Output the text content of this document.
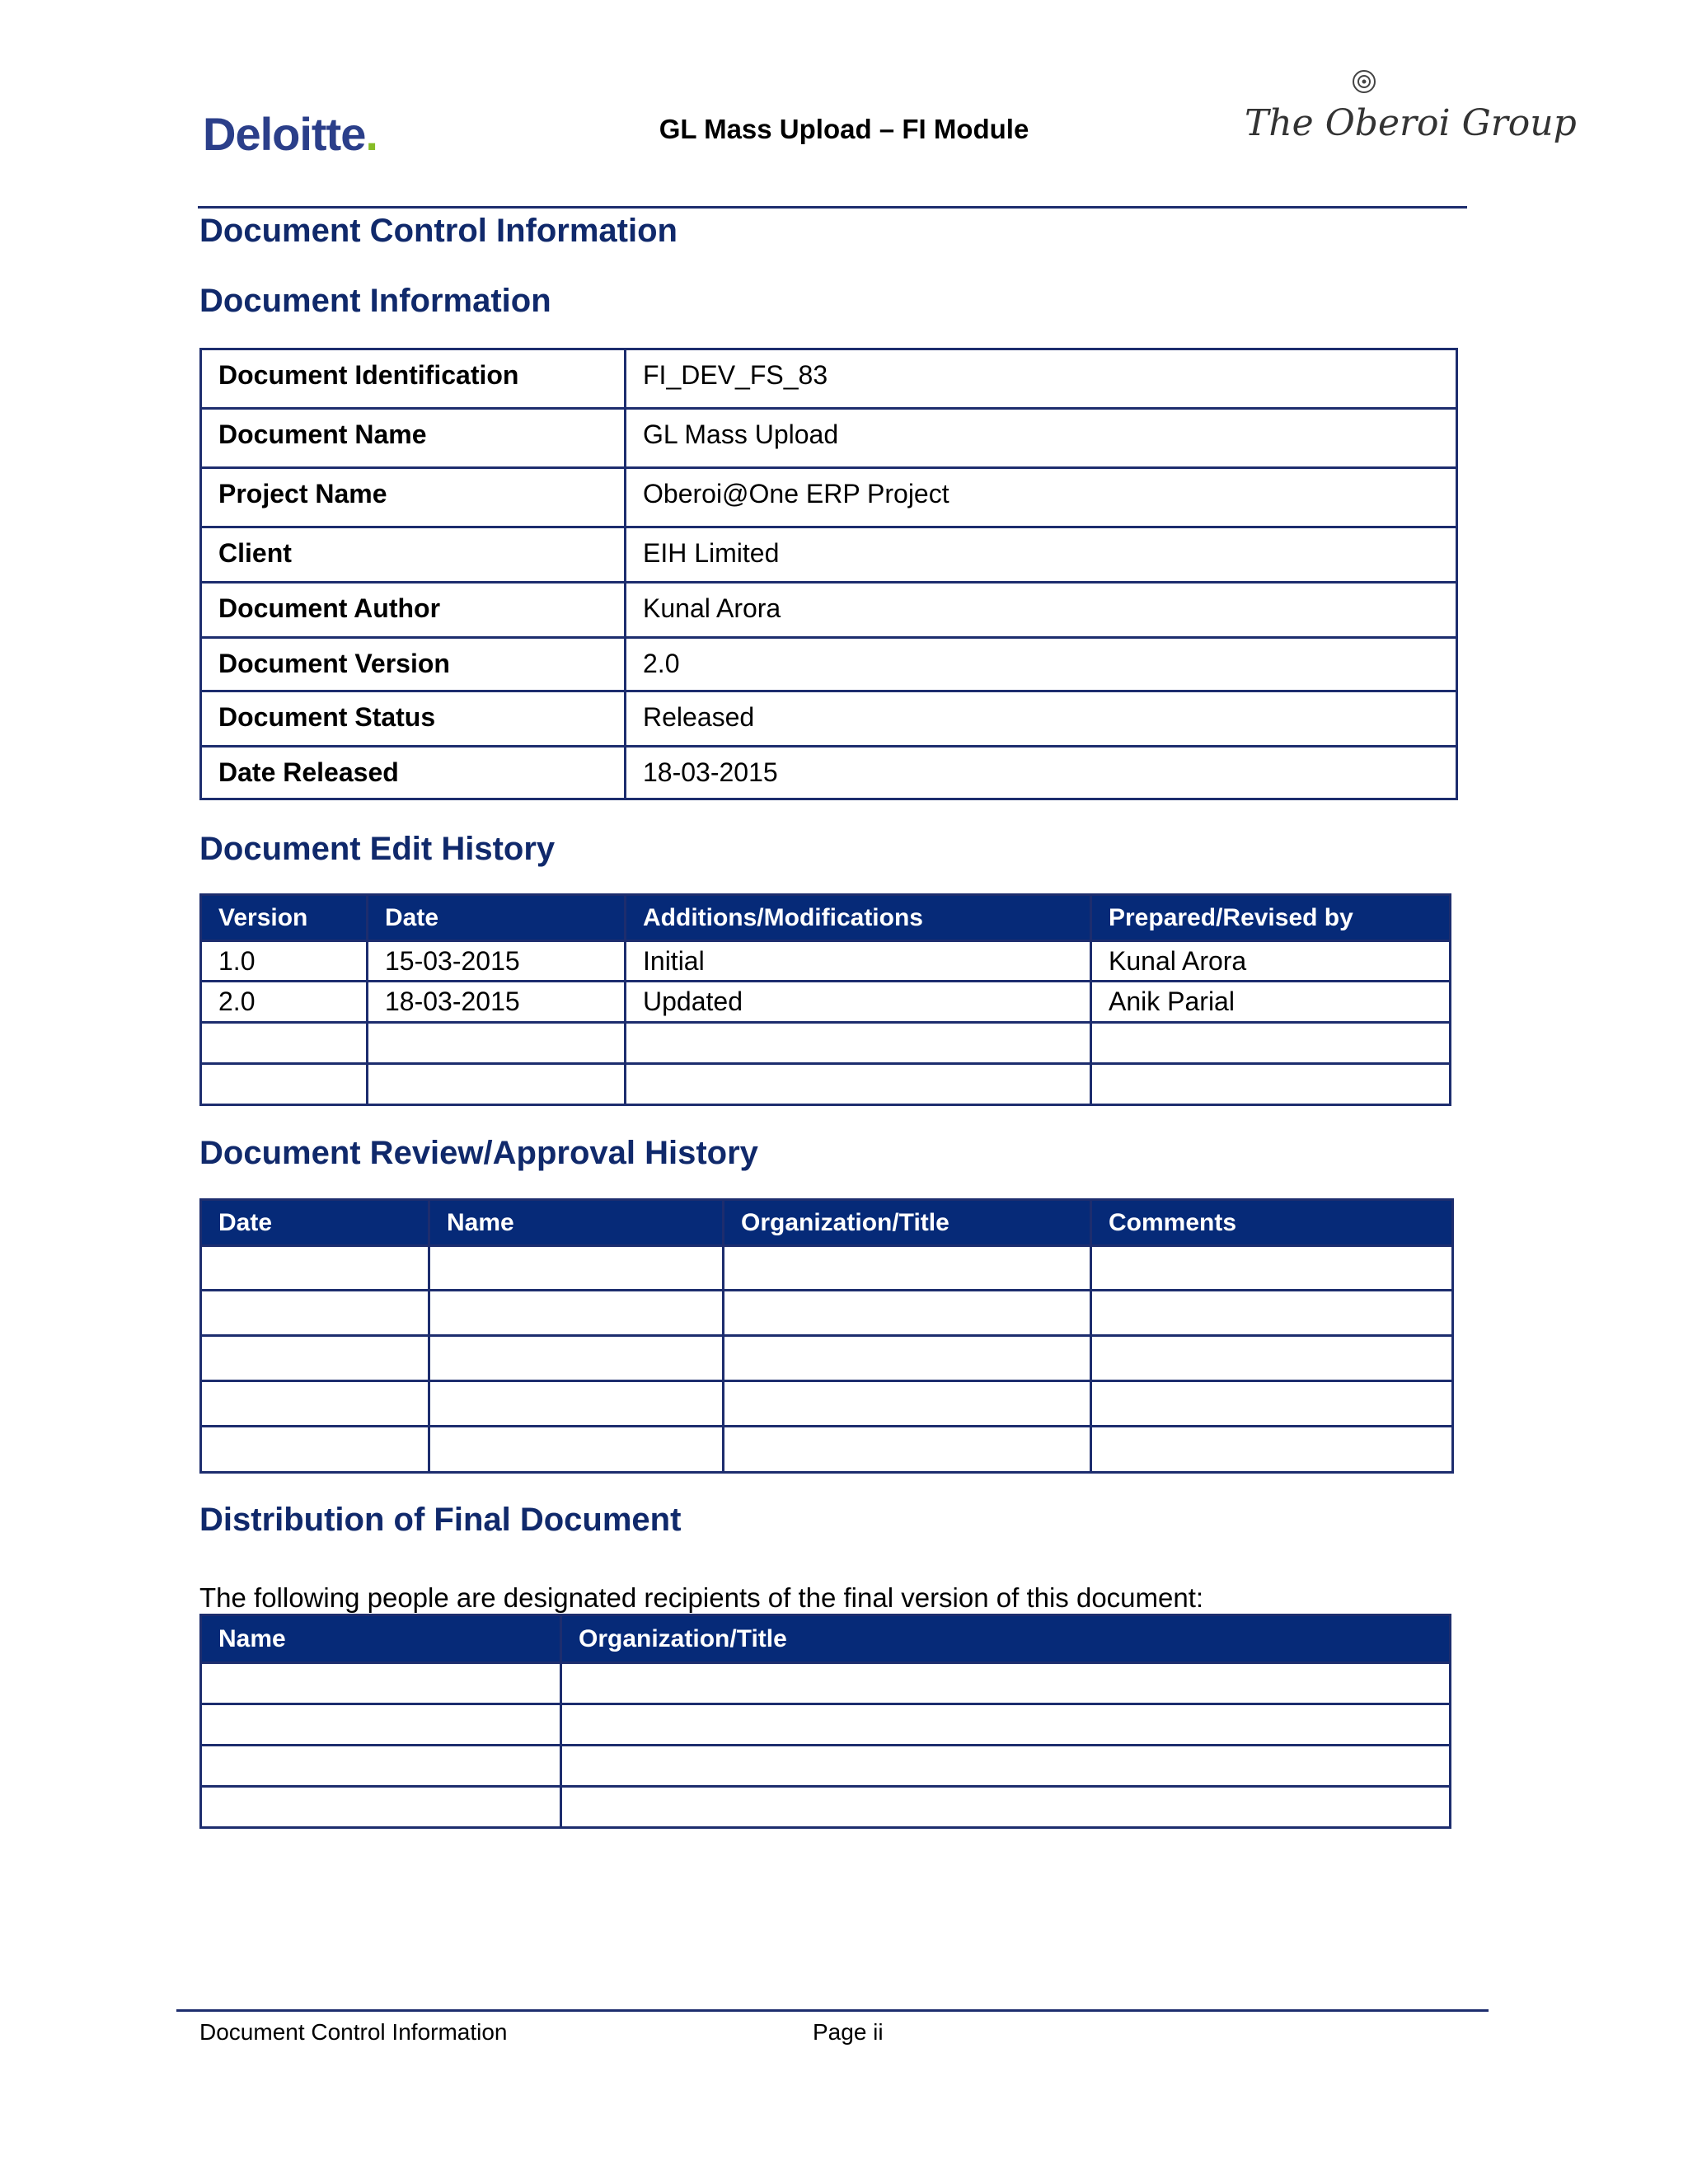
Deloitte.	GL Mass Upload – FI Module	The Oberoi Group
Document Control Information
Document Information
Document Identification	FI_DEV_FS_83
Document Name	GL Mass Upload
Project Name	Oberoi@One ERP Project
Client	EIH Limited
Document Author	Kunal Arora
Document Version	2.0
Document Status	Released
Date Released	18-03-2015
Document Edit History
Version	Date	Additions/Modifications	Prepared/Revised by
1.0	15-03-2015	Initial	Kunal Arora
2.0	18-03-2015	Updated	Anik Parial

Document Review/Approval History
Date	Name	Organization/Title	Comments

Distribution of Final Document
The following people are designated recipients of the final version of this document:
Name	Organization/Title

Document Control Information	Page ii
